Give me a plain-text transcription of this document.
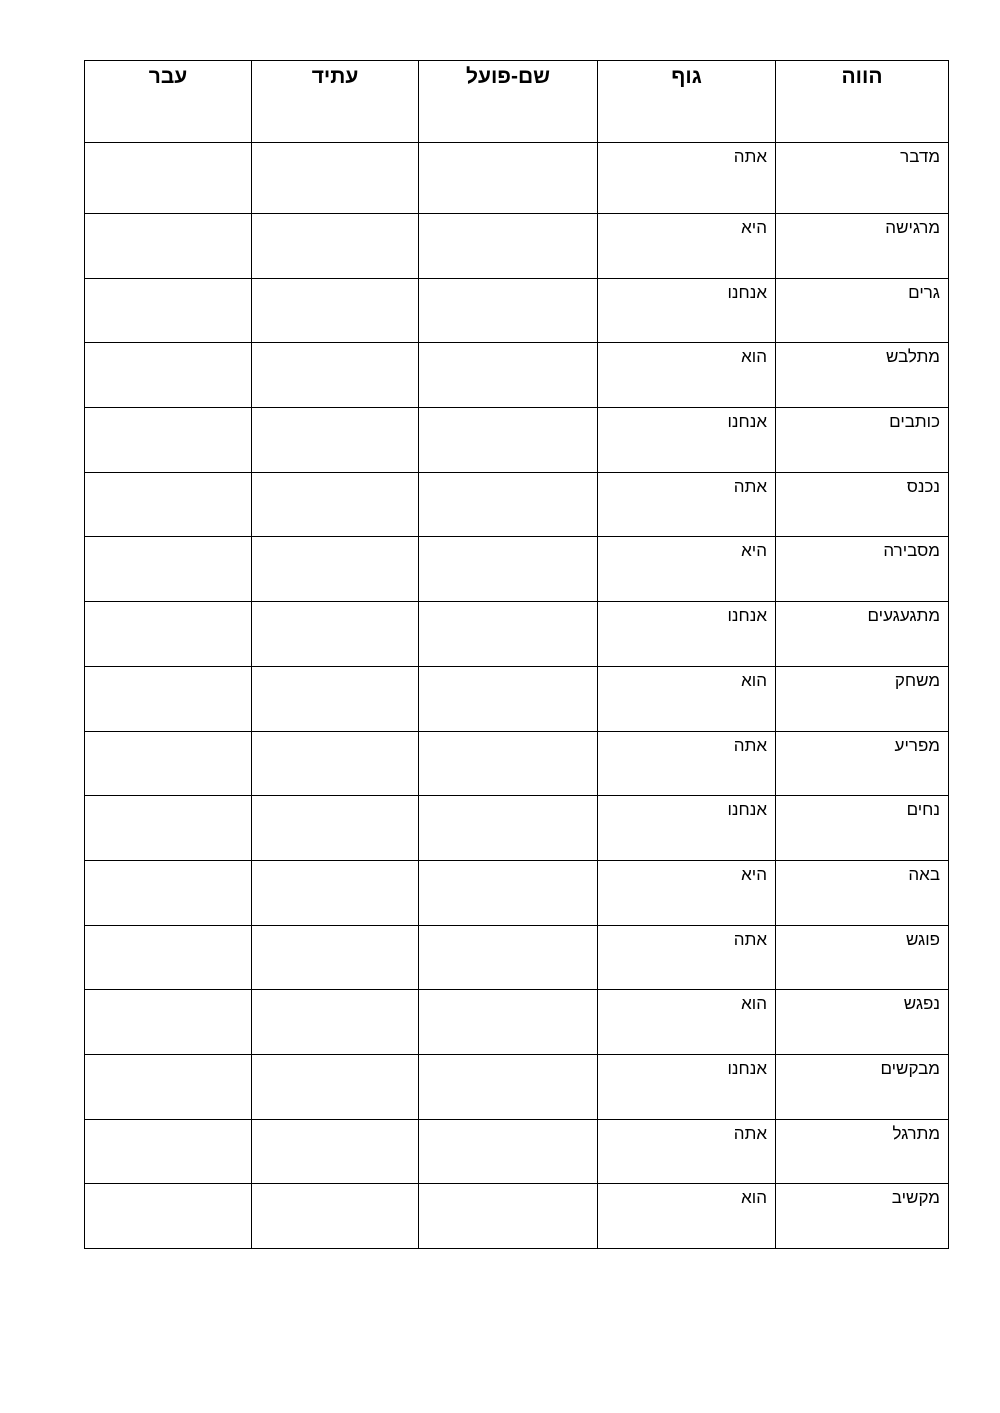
הווה	גוף	שם-פועל	עתיד	עבר
מדבר	אתה			
מרגישה	היא			
גרים	אנחנו			
מתלבש	הוא			
כותבים	אנחנו			
נכנס	אתה			
מסבירה	היא			
מתגעגעים	אנחנו			
משחק	הוא			
מפריע	אתה			
נחים	אנחנו			
באה	היא			
פוגש	אתה			
נפגש	הוא			
מבקשים	אנחנו			
מתרגל	אתה			
מקשיב	הוא			
